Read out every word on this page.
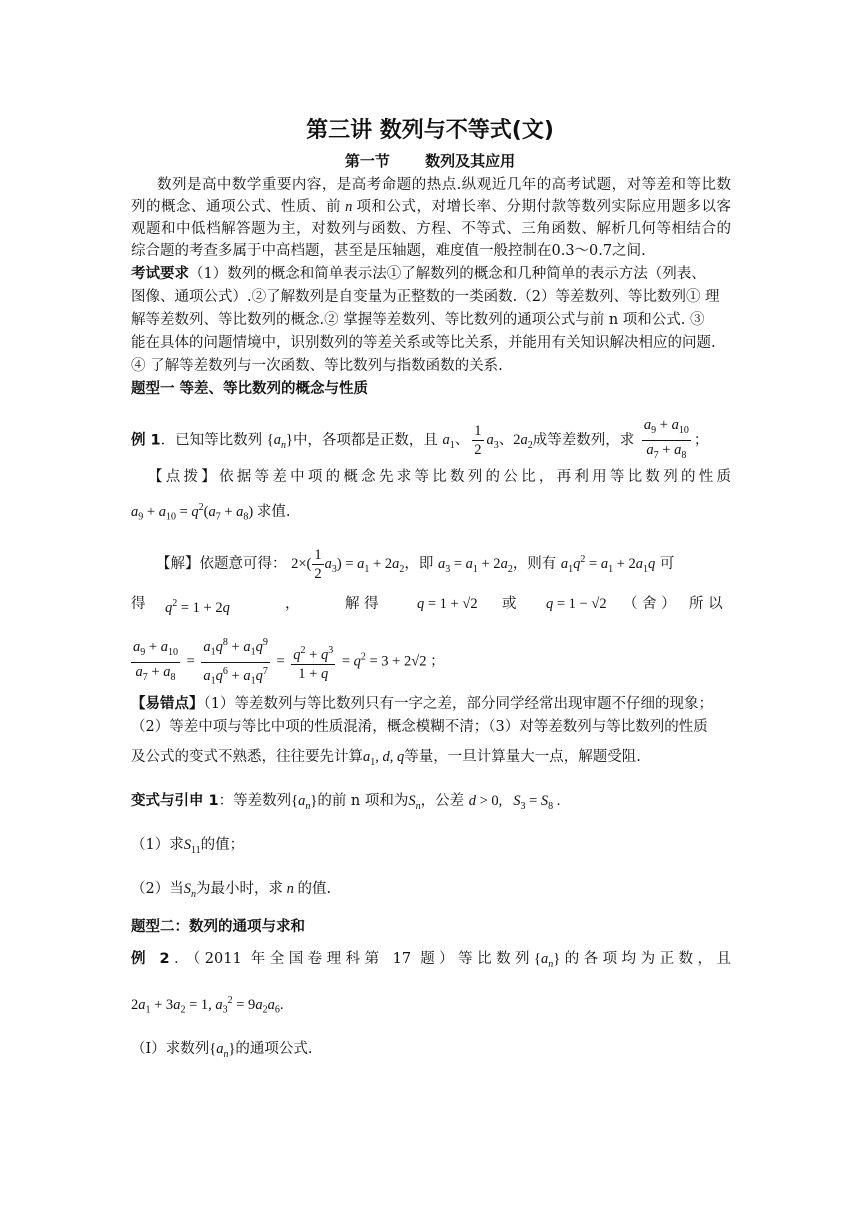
第三讲 数列与不等式(文)
第一节 数列及其应用
数列是高中数学重要内容，是高考命题的热点.纵观近几年的高考试题，对等差和等比数
列的概念、通项公式、性质、前 n 项和公式，对增长率、分期付款等数列实际应用题多以客
观题和中低档解答题为主，对数列与函数、方程、不等式、三角函数、解析几何等相结合的
综合题的考查多属于中高档题，甚至是压轴题，难度值一般控制在0.3～0.7之间.
考试要求（1）数列的概念和简单表示法①了解数列的概念和几种简单的表示方法（列表、
图像、通项公式）.②了解数列是自变量为正整数的一类函数.（2）等差数列、等比数列① 理
解等差数列、等比数列的概念.② 掌握等差数列、等比数列的通项公式与前 n 项和公式. ③
能在具体的问题情境中，识别数列的等差关系或等比关系，并能用有关知识解决相应的问题.
④ 了解等差数列与一次函数、等比数列与指数函数的关系.
题型一 等差、等比数列的概念与性质
例 1．已知等比数列 $\{a_n\}$中，各项都是正数，且 $a_1$、 $\frac{1}{2} a_3$、$2a_2$成等差数列，求 $\frac{a_9 + a_{10}}{a_7 + a_8}$ ；
【点拨】依据等差中项的概念先求等比数列的公比，再利用等比数列的性质
$a_9 + a_{10} = q^2(a_7 + a_8)$ 求值.
【解】依题意可得： $2\times( \frac{1}{2} a_3) = a_1 + 2a_2$，即 $a_3 = a_1 + 2a_2$，则有 $a_1q^2 = a_1 + 2a_1q$ 可
得 $q^2 = 1 + 2q$	，	解 得	q = 1 + √2 或 q = 1 − √2 （ 舍 ） 所 以
$\frac{a_9 + a_{10}}{a_7 + a_8} = \frac{a_1q^8 + a_1q^9}{a_1q^6 + a_1q^7} = \frac{q^2 + q^3}{1 + q} = q^2 = 3 + 2√2$ ；
【易错点】（1）等差数列与等比数列只有一字之差，部分同学经常出现审题不仔细的现象；
（2）等差中项与等比中项的性质混淆，概念模糊不清；（3）对等差数列与等比数列的性质
及公式的变式不熟悉，往往要先计算$a_1$, d, q等量，一旦计算量大一点，解题受阻.
变式与引申 1：等差数列$\{a_n\}$的前 n 项和为$S_n$，公差 d > 0,   $S_3 = S_8$ .
（1）求$S_{11}$的值；
（2）当$S_n$为最小时，求 n 的值.
题型二：数列的通项与求和
例 2．（2011 年全国卷理科第 17 题）等比数列$\{a_n\}$的各项均为正数，且
$2a_1 + 3a_2 = 1$, $a_3^2 = 9a_2a_6$.
（Ⅰ）求数列$\{a_n\}$的通项公式.
